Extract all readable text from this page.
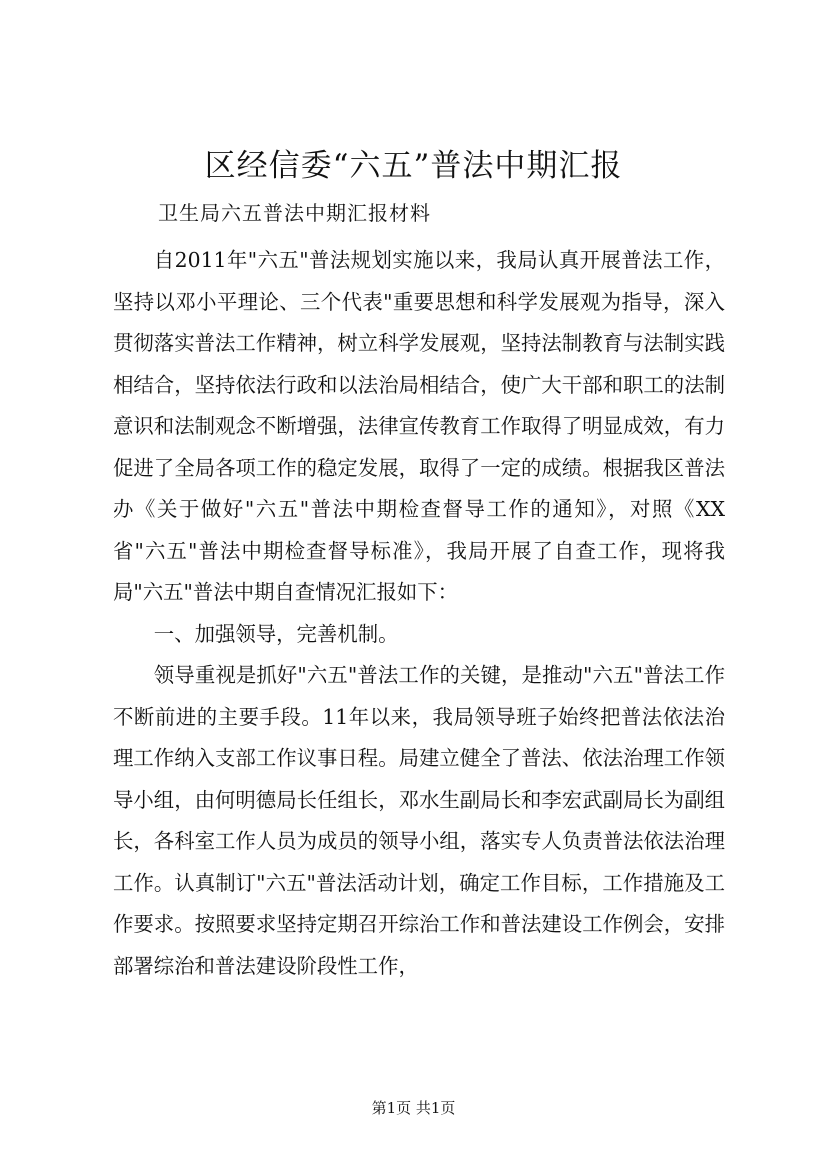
区经信委“六五”普法中期汇报
卫生局六五普法中期汇报材料

自2011年"六五"普法规划实施以来，我局认真开展普法工作，坚持以邓小平理论、三个代表"重要思想和科学发展观为指导，深入贯彻落实普法工作精神，树立科学发展观，坚持法制教育与法制实践相结合，坚持依法行政和以法治局相结合，使广大干部和职工的法制意识和法制观念不断增强，法律宣传教育工作取得了明显成效，有力促进了全局各项工作的稳定发展，取得了一定的成绩。根据我区普法办《关于做好"六五"普法中期检查督导工作的通知》，对照《XX省"六五"普法中期检查督导标准》，我局开展了自查工作，现将我局"六五"普法中期自查情况汇报如下：

一、加强领导，完善机制。

领导重视是抓好"六五"普法工作的关键，是推动"六五"普法工作不断前进的主要手段。11年以来，我局领导班子始终把普法依法治理工作纳入支部工作议事日程。局建立健全了普法、依法治理工作领导小组，由何明德局长任组长，邓水生副局长和李宏武副局长为副组长，各科室工作人员为成员的领导小组，落实专人负责普法依法治理工作。认真制订"六五"普法活动计划，确定工作目标，工作措施及工作要求。按照要求坚持定期召开综治工作和普法建设工作例会，安排部署综治和普法建设阶段性工作，

第1页 共1页
